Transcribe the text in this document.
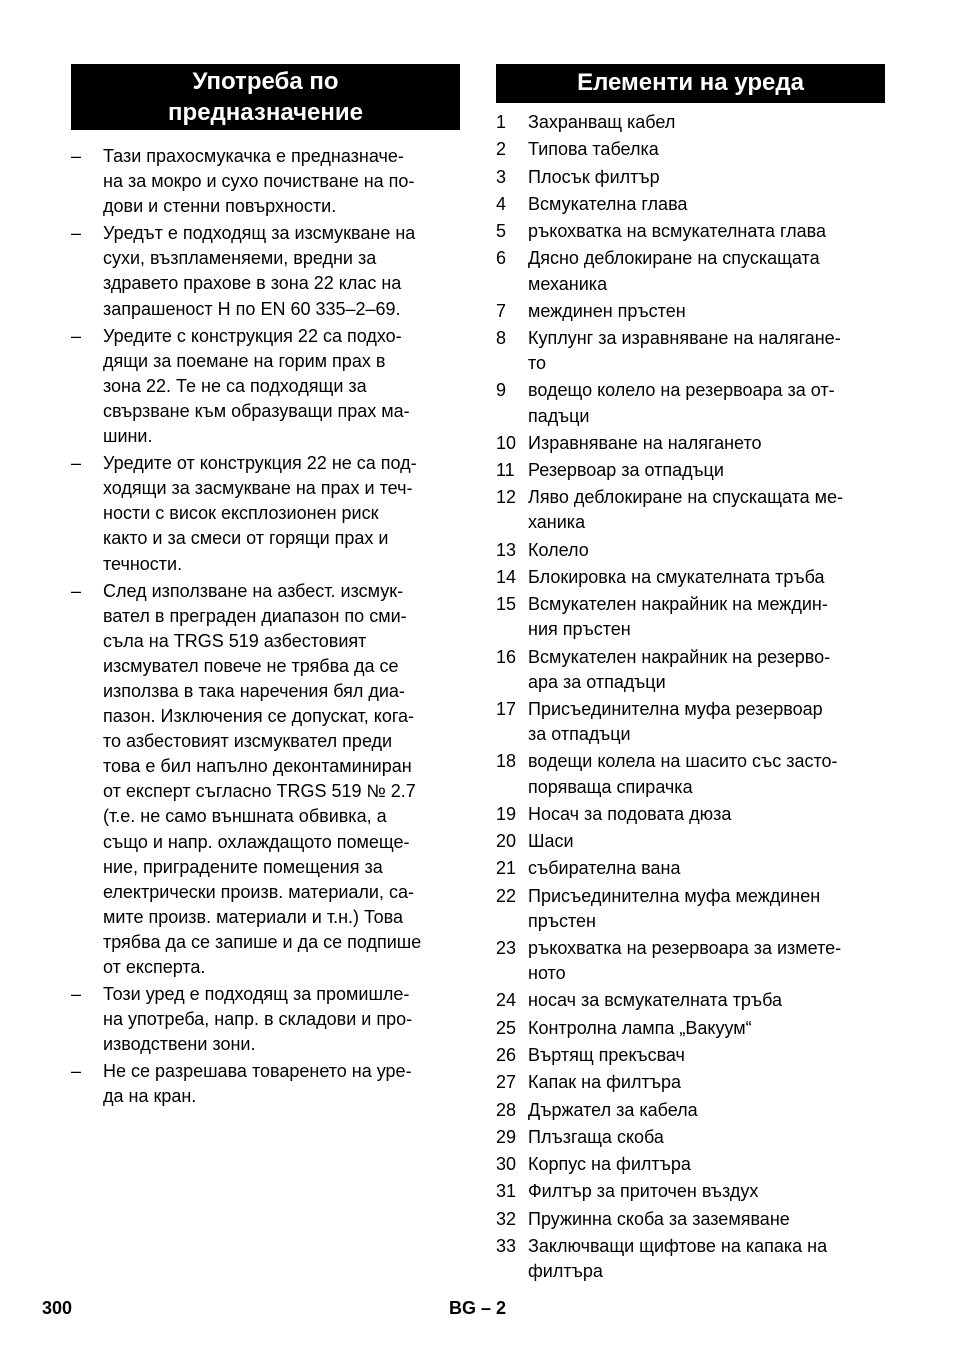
Употреба по
предназначение
–	Тази прахосмукачка е предназначе-
на за мокро и сухо почистване на по-
дови и стенни повърхности.
–	Уредът е подходящ за изсмукване на
сухи, възпламеняеми, вредни за
здравето прахове в зона 22 клас на
запрашеност Н по EN 60 335–2–69.
–	Уредите с конструкция 22 са подхо-
дящи за поемане на горим прах в
зона 22. Те не са подходящи за
свързване към образуващи прах ма-
шини.
–	Уредите от конструкция 22 не са под-
ходящи за засмукване на прах и теч-
ности с висок експлозионен риск
както и за смеси от горящи прах и
течности.
–	След използване на азбест. изсмук-
вател в преграден диапазон по сми-
съла на TRGS 519 азбестовият
изсмувател повече не трябва да се
използва в така наречения бял диа-
пазон. Изключения се допускат, кога-
то азбестовият изсмуквател преди
това е бил напълно деконтаминиран
от експерт съгласно TRGS 519 № 2.7
(т.е. не само външната обвивка, а
също и напр. охлаждащото помеще-
ние, приградените помещения за
електрически произв. материали, са-
мите произв. материали и т.н.) Това
трябва да се запише и да се подпише
от експерта.
–	Този уред е подходящ за промишле-
на употреба, напр. в складови и про-
изводствени зони.
–	Не се разрешава товаренето на уре-
да на кран.
Елементи на уреда
1	Захранващ кабел
2	Типова табелка
3	Плосък филтър
4	Всмукателна глава
5	ръкохватка на всмукателната глава
6	Дясно деблокиране на спускащата
механика
7	междинен пръстен
8	Куплунг за изравняване на налягане-
то
9	водещо колело на резервоара за от-
падъци
10 Изравняване на налягането
11 Резервоар за отпадъци
12 Ляво деблокиране на спускащата ме-
ханика
13 Колело
14 Блокировка на смукателната тръба
15 Всмукателен накрайник на междин-
ния пръстен
16 Всмукателен накрайник на резерво-
ара за отпадъци
17 Присъединителна муфа резервоар
за отпадъци
18 водещи колела на шасито със засто-
поряваща спирачка
19 Носач за подовата дюза
20 Шаси
21 събирателна вана
22 Присъединителна муфа междинен
пръстен
23 ръкохватка на резервоара за измете-
ното
24 носач за всмукателната тръба
25 Контролна лампа „Вакуум“
26 Въртящ прекъсвач
27 Капак на филтъра
28 Държател за кабела
29 Плъзгаща скоба
30 Корпус на филтъра
31 Филтър за приточен въздух
32 Пружинна скоба за заземяване
33 Заключващи щифтове на капака на
филтъра
300	BG – 2
